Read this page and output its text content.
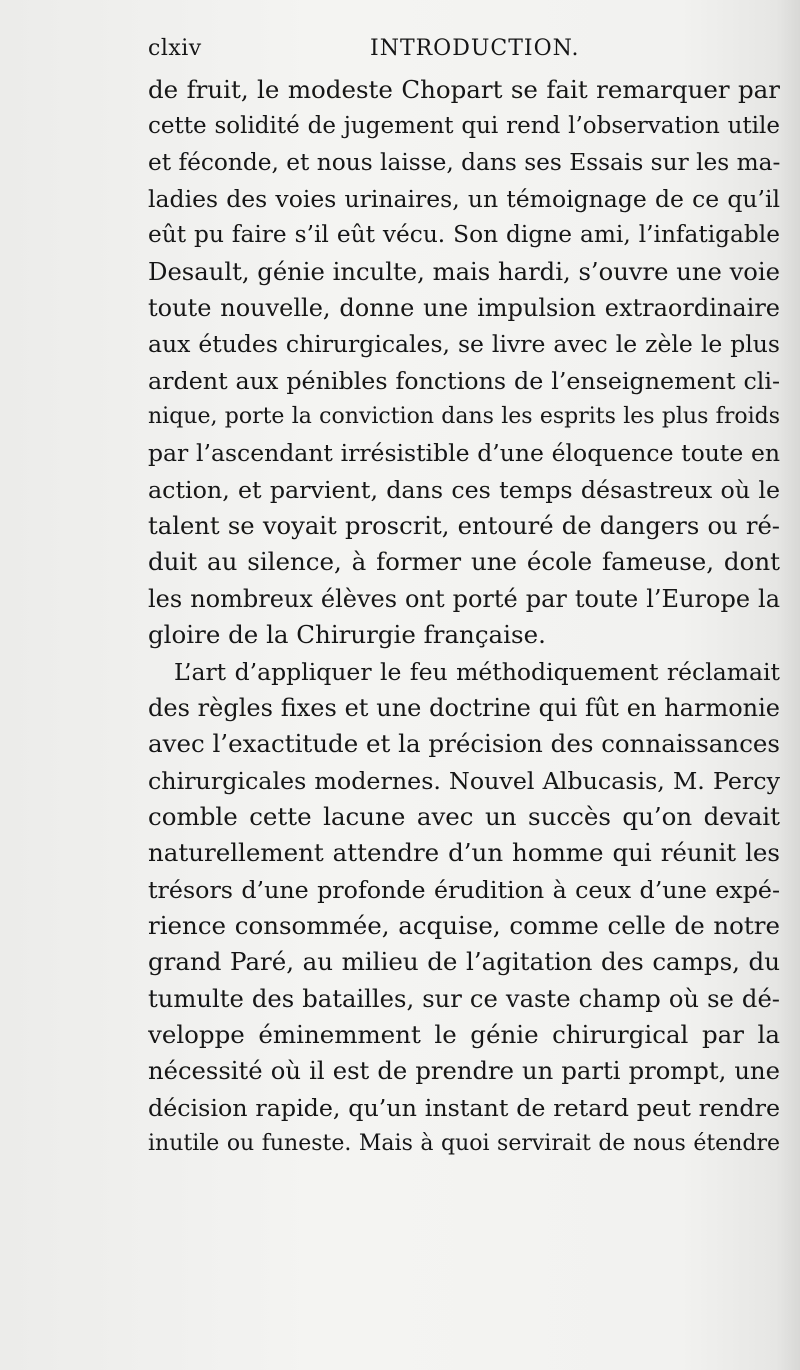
clxiv	INTRODUCTION.
de fruit, le modeste Chopart se fait remarquer par
cette solidité de jugement qui rend l’observation utile
et féconde, et nous laisse, dans ses Essais sur les ma-
ladies des voies urinaires, un témoignage de ce qu’il
eût pu faire s’il eût vécu. Son digne ami, l’infatigable
Desault, génie inculte, mais hardi, s’ouvre une voie
toute nouvelle, donne une impulsion extraordinaire
aux études chirurgicales, se livre avec le zèle le plus
ardent aux pénibles fonctions de l’enseignement cli-
nique, porte la conviction dans les esprits les plus froids
par l’ascendant irrésistible d’une éloquence toute en
action, et parvient, dans ces temps désastreux où le
talent se voyait proscrit, entouré de dangers ou ré-
duit au silence, à former une école fameuse, dont
les nombreux élèves ont porté par toute l’Europe la
gloire de la Chirurgie française.
L’art d’appliquer le feu méthodiquement réclamait
des règles fixes et une doctrine qui fût en harmonie
avec l’exactitude et la précision des connaissances
chirurgicales modernes. Nouvel Albucasis, M. Percy
comble cette lacune avec un succès qu’on devait
naturellement attendre d’un homme qui réunit les
trésors d’une profonde érudition à ceux d’une expé-
rience consommée, acquise, comme celle de notre
grand Paré, au milieu de l’agitation des camps, du
tumulte des batailles, sur ce vaste champ où se dé-
veloppe éminemment le génie chirurgical par la
nécessité où il est de prendre un parti prompt, une
décision rapide, qu’un instant de retard peut rendre
inutile ou funeste. Mais à quoi servirait de nous étendre
